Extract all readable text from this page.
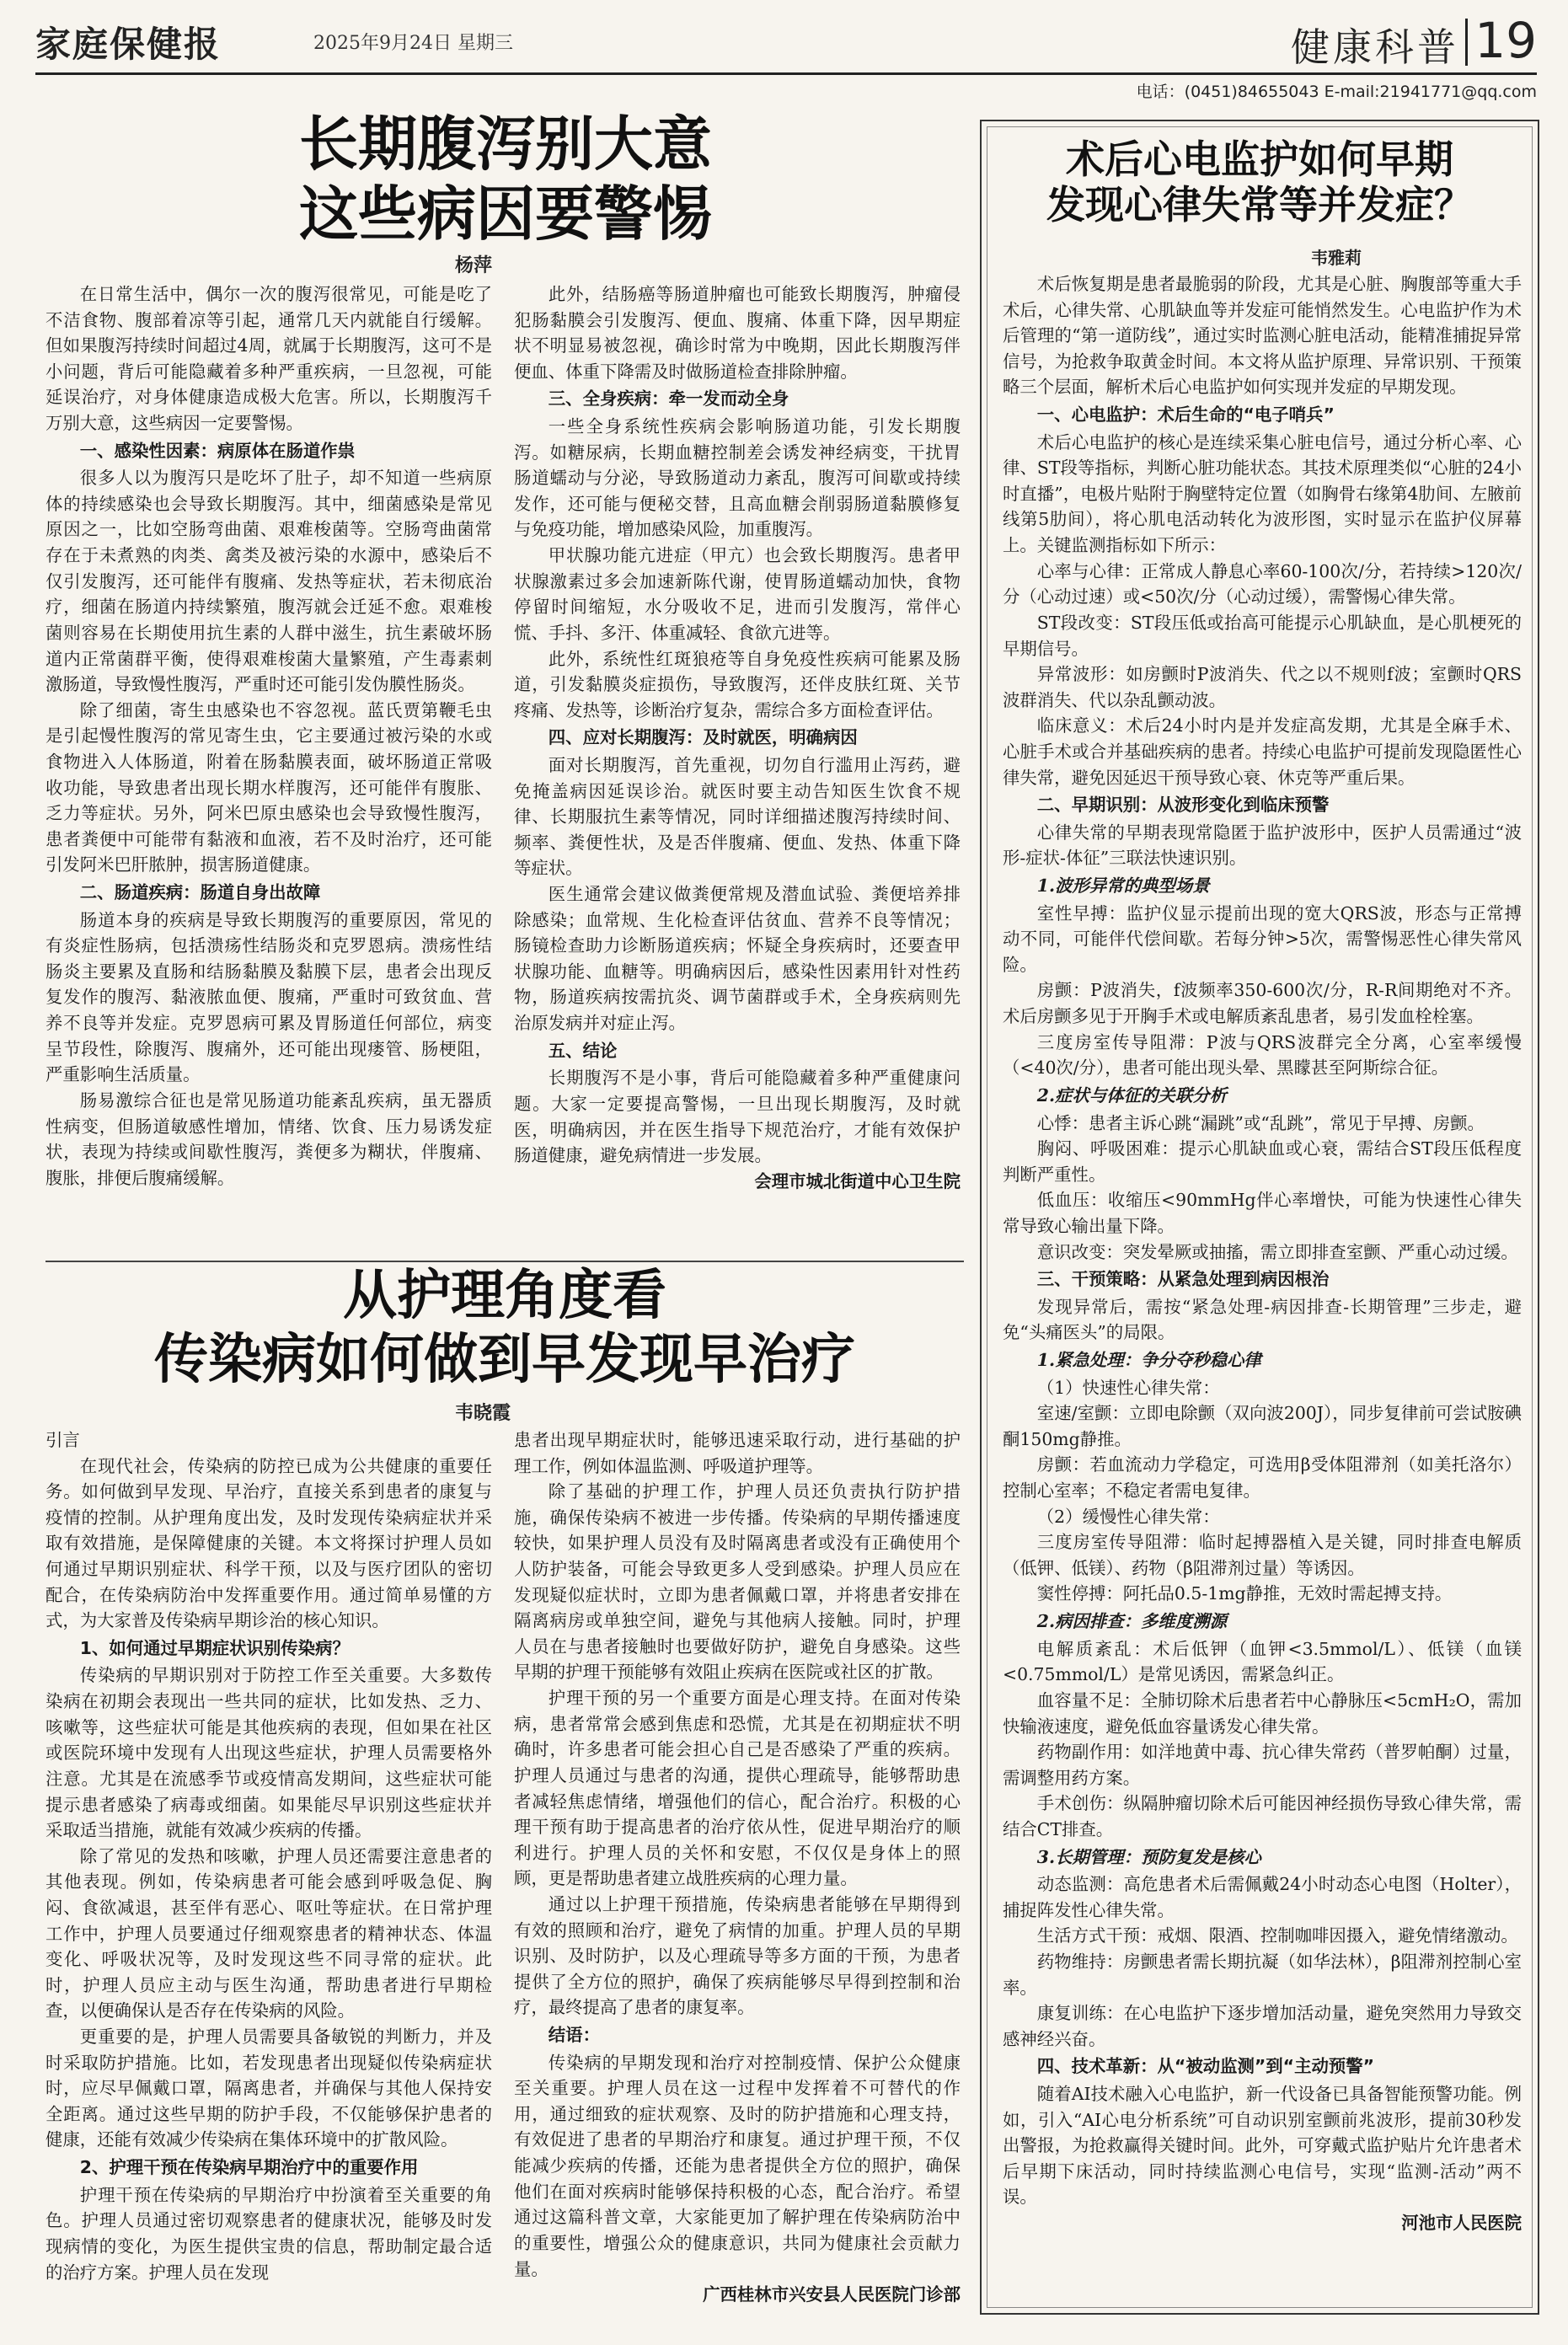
家庭保健报	2025年9月24日 星期三	健康科普 19
电话：(0451)84655043 E-mail:21941771@qq.com
长期腹泻别大意
这些病因要警惕
杨萍

在日常生活中，偶尔一次的腹泻很常见，可能是吃了不洁食物、腹部着凉等引起，通常几天内就能自行缓解。但如果腹泻持续时间超过4周，就属于长期腹泻，这可不是小问题，背后可能隐藏着多种严重疾病，一旦忽视，可能延误治疗，对身体健康造成极大危害。所以，长期腹泻千万别大意，这些病因一定要警惕。

一、感染性因素：病原体在肠道作祟

很多人以为腹泻只是吃坏了肚子，却不知道一些病原体的持续感染也会导致长期腹泻。其中，细菌感染是常见原因之一，比如空肠弯曲菌、艰难梭菌等。空肠弯曲菌常存在于未煮熟的肉类、禽类及被污染的水源中，感染后不仅引发腹泻，还可能伴有腹痛、发热等症状，若未彻底治疗，细菌在肠道内持续繁殖，腹泻就会迁延不愈。艰难梭菌则容易在长期使用抗生素的人群中滋生，抗生素破坏肠道内正常菌群平衡，使得艰难梭菌大量繁殖，产生毒素刺激肠道，导致慢性腹泻，严重时还可能引发伪膜性肠炎。

除了细菌，寄生虫感染也不容忽视。蓝氏贾第鞭毛虫是引起慢性腹泻的常见寄生虫，它主要通过被污染的水或食物进入人体肠道，附着在肠黏膜表面，破坏肠道正常吸收功能，导致患者出现长期水样腹泻，还可能伴有腹胀、乏力等症状。另外，阿米巴原虫感染也会导致慢性腹泻，患者粪便中可能带有黏液和血液，若不及时治疗，还可能引发阿米巴肝脓肿，损害肠道健康。

二、肠道疾病：肠道自身出故障

肠道本身的疾病是导致长期腹泻的重要原因，常见的有炎症性肠病，包括溃疡性结肠炎和克罗恩病。溃疡性结肠炎主要累及直肠和结肠黏膜及黏膜下层，患者会出现反复发作的腹泻、黏液脓血便、腹痛，严重时可致贫血、营养不良等并发症。克罗恩病可累及胃肠道任何部位，病变呈节段性，除腹泻、腹痛外，还可能出现瘘管、肠梗阻，严重影响生活质量。

肠易激综合征也是常见肠道功能紊乱疾病，虽无器质性病变，但肠道敏感性增加，情绪、饮食、压力易诱发症状，表现为持续或间歇性腹泻，粪便多为糊状，伴腹痛、腹胀，排便后腹痛缓解。

此外，结肠癌等肠道肿瘤也可能致长期腹泻，肿瘤侵犯肠黏膜会引发腹泻、便血、腹痛、体重下降，因早期症状不明显易被忽视，确诊时常为中晚期，因此长期腹泻伴便血、体重下降需及时做肠道检查排除肿瘤。

三、全身疾病：牵一发而动全身

一些全身系统性疾病会影响肠道功能，引发长期腹泻。如糖尿病，长期血糖控制差会诱发神经病变，干扰胃肠道蠕动与分泌，导致肠道动力紊乱，腹泻可间歇或持续发作，还可能与便秘交替，且高血糖会削弱肠道黏膜修复与免疫功能，增加感染风险，加重腹泻。

甲状腺功能亢进症（甲亢）也会致长期腹泻。患者甲状腺激素过多会加速新陈代谢，使胃肠道蠕动加快，食物停留时间缩短，水分吸收不足，进而引发腹泻，常伴心慌、手抖、多汗、体重减轻、食欲亢进等。

此外，系统性红斑狼疮等自身免疫性疾病可能累及肠道，引发黏膜炎症损伤，导致腹泻，还伴皮肤红斑、关节疼痛、发热等，诊断治疗复杂，需综合多方面检查评估。

四、应对长期腹泻：及时就医，明确病因

面对长期腹泻，首先重视，切勿自行滥用止泻药，避免掩盖病因延误诊治。就医时要主动告知医生饮食不规律、长期服抗生素等情况，同时详细描述腹泻持续时间、频率、粪便性状，及是否伴腹痛、便血、发热、体重下降等症状。

医生通常会建议做粪便常规及潜血试验、粪便培养排除感染；血常规、生化检查评估贫血、营养不良等情况；肠镜检查助力诊断肠道疾病；怀疑全身疾病时，还要查甲状腺功能、血糖等。明确病因后，感染性因素用针对性药物，肠道疾病按需抗炎、调节菌群或手术，全身疾病则先治原发病并对症止泻。

五、结论

长期腹泻不是小事，背后可能隐藏着多种严重健康问题。大家一定要提高警惕，一旦出现长期腹泻，及时就医，明确病因，并在医生指导下规范治疗，才能有效保护肠道健康，避免病情进一步发展。

会理市城北街道中心卫生院

从护理角度看
传染病如何做到早发现早治疗
韦晓霞

引言

在现代社会，传染病的防控已成为公共健康的重要任务。如何做到早发现、早治疗，直接关系到患者的康复与疫情的控制。从护理角度出发，及时发现传染病症状并采取有效措施，是保障健康的关键。本文将探讨护理人员如何通过早期识别症状、科学干预，以及与医疗团队的密切配合，在传染病防治中发挥重要作用。通过简单易懂的方式，为大家普及传染病早期诊治的核心知识。

1、如何通过早期症状识别传染病？

传染病的早期识别对于防控工作至关重要。大多数传染病在初期会表现出一些共同的症状，比如发热、乏力、咳嗽等，这些症状可能是其他疾病的表现，但如果在社区或医院环境中发现有人出现这些症状，护理人员需要格外注意。尤其是在流感季节或疫情高发期间，这些症状可能提示患者感染了病毒或细菌。如果能尽早识别这些症状并采取适当措施，就能有效减少疾病的传播。

除了常见的发热和咳嗽，护理人员还需要注意患者的其他表现。例如，传染病患者可能会感到呼吸急促、胸闷、食欲减退，甚至伴有恶心、呕吐等症状。在日常护理工作中，护理人员要通过仔细观察患者的精神状态、体温变化、呼吸状况等，及时发现这些不同寻常的症状。此时，护理人员应主动与医生沟通，帮助患者进行早期检查，以便确保认是否存在传染病的风险。

更重要的是，护理人员需要具备敏锐的判断力，并及时采取防护措施。比如，若发现患者出现疑似传染病症状时，应尽早佩戴口罩，隔离患者，并确保与其他人保持安全距离。通过这些早期的防护手段，不仅能够保护患者的健康，还能有效减少传染病在集体环境中的扩散风险。

2、护理干预在传染病早期治疗中的重要作用

护理干预在传染病的早期治疗中扮演着至关重要的角色。护理人员通过密切观察患者的健康状况，能够及时发现病情的变化，为医生提供宝贵的信息，帮助制定最合适的治疗方案。护理人员在发现

患者出现早期症状时，能够迅速采取行动，进行基础的护理工作，例如体温监测、呼吸道护理等。

除了基础的护理工作，护理人员还负责执行防护措施，确保传染病不被进一步传播。传染病的早期传播速度较快，如果护理人员没有及时隔离患者或没有正确使用个人防护装备，可能会导致更多人受到感染。护理人员应在发现疑似症状时，立即为患者佩戴口罩，并将患者安排在隔离病房或单独空间，避免与其他病人接触。同时，护理人员在与患者接触时也要做好防护，避免自身感染。这些早期的护理干预能够有效阻止疾病在医院或社区的扩散。

护理干预的另一个重要方面是心理支持。在面对传染病，患者常常会感到焦虑和恐慌，尤其是在初期症状不明确时，许多患者可能会担心自己是否感染了严重的疾病。护理人员通过与患者的沟通，提供心理疏导，能够帮助患者减轻焦虑情绪，增强他们的信心，配合治疗。积极的心理干预有助于提高患者的治疗依从性，促进早期治疗的顺利进行。护理人员的关怀和安慰，不仅仅是身体上的照顾，更是帮助患者建立战胜疾病的心理力量。

通过以上护理干预措施，传染病患者能够在早期得到有效的照顾和治疗，避免了病情的加重。护理人员的早期识别、及时防护，以及心理疏导等多方面的干预，为患者提供了全方位的照护，确保了疾病能够尽早得到控制和治疗，最终提高了患者的康复率。

结语：

传染病的早期发现和治疗对控制疫情、保护公众健康至关重要。护理人员在这一过程中发挥着不可替代的作用，通过细致的症状观察、及时的防护措施和心理支持，有效促进了患者的早期治疗和康复。通过护理干预，不仅能减少疾病的传播，还能为患者提供全方位的照护，确保他们在面对疾病时能够保持积极的心态，配合治疗。希望通过这篇科普文章，大家能更加了解护理在传染病防治中的重要性，增强公众的健康意识，共同为健康社会贡献力量。

广西桂林市兴安县人民医院门诊部

术后心电监护如何早期
发现心律失常等并发症？
韦雅莉

术后恢复期是患者最脆弱的阶段，尤其是心脏、胸腹部等重大手术后，心律失常、心肌缺血等并发症可能悄然发生。心电监护作为术后管理的“第一道防线”，通过实时监测心脏电活动，能精准捕捉异常信号，为抢救争取黄金时间。本文将从监护原理、异常识别、干预策略三个层面，解析术后心电监护如何实现并发症的早期发现。

一、心电监护：术后生命的“电子哨兵”

术后心电监护的核心是连续采集心脏电信号，通过分析心率、心律、ST段等指标，判断心脏功能状态。其技术原理类似“心脏的24小时直播”，电极片贴附于胸壁特定位置（如胸骨右缘第4肋间、左腋前线第5肋间），将心肌电活动转化为波形图，实时显示在监护仪屏幕上。关键监测指标如下所示：

心率与心律：正常成人静息心率60-100次/分，若持续>120次/分（心动过速）或<50次/分（心动过缓），需警惕心律失常。

ST段改变：ST段压低或抬高可能提示心肌缺血，是心肌梗死的早期信号。

异常波形：如房颤时P波消失、代之以不规则f波；室颤时QRS波群消失、代以杂乱颤动波。

临床意义：术后24小时内是并发症高发期，尤其是全麻手术、心脏手术或合并基础疾病的患者。持续心电监护可提前发现隐匿性心律失常，避免因延迟干预导致心衰、休克等严重后果。

二、早期识别：从波形变化到临床预警

心律失常的早期表现常隐匿于监护波形中，医护人员需通过“波形-症状-体征”三联法快速识别。

1.波形异常的典型场景

室性早搏：监护仪显示提前出现的宽大QRS波，形态与正常搏动不同，可能伴代偿间歇。若每分钟>5次，需警惕恶性心律失常风险。

房颤：P波消失，f波频率350-600次/分，R-R间期绝对不齐。术后房颤多见于开胸手术或电解质紊乱患者，易引发血栓栓塞。

三度房室传导阻滞：P波与QRS波群完全分离，心室率缓慢（<40次/分），患者可能出现头晕、黑矇甚至阿斯综合征。

2.症状与体征的关联分析

心悸：患者主诉心跳“漏跳”或“乱跳”，常见于早搏、房颤。

胸闷、呼吸困难：提示心肌缺血或心衰，需结合ST段压低程度判断严重性。

低血压：收缩压<90mmHg伴心率增快，可能为快速性心律失常导致心输出量下降。

意识改变：突发晕厥或抽搐，需立即排查室颤、严重心动过缓。

三、干预策略：从紧急处理到病因根治

发现异常后，需按“紧急处理-病因排查-长期管理”三步走，避免“头痛医头”的局限。

1.紧急处理：争分夺秒稳心律

（1）快速性心律失常：

室速/室颤：立即电除颤（双向波200J），同步复律前可尝试胺碘酮150mg静推。

房颤：若血流动力学稳定，可选用β受体阻滞剂（如美托洛尔）控制心室率；不稳定者需电复律。

（2）缓慢性心律失常：

三度房室传导阻滞：临时起搏器植入是关键，同时排查电解质（低钾、低镁）、药物（β阻滞剂过量）等诱因。

窦性停搏：阿托品0.5-1mg静推，无效时需起搏支持。

2.病因排查：多维度溯源

电解质紊乱：术后低钾（血钾<3.5mmol/L）、低镁（血镁<0.75mmol/L）是常见诱因，需紧急纠正。

血容量不足：全肺切除术后患者若中心静脉压<5cmH₂O，需加快输液速度，避免低血容量诱发心律失常。

药物副作用：如洋地黄中毒、抗心律失常药（普罗帕酮）过量，需调整用药方案。

手术创伤：纵隔肿瘤切除术后可能因神经损伤导致心律失常，需结合CT排查。

3.长期管理：预防复发是核心

动态监测：高危患者术后需佩戴24小时动态心电图（Holter），捕捉阵发性心律失常。

生活方式干预：戒烟、限酒、控制咖啡因摄入，避免情绪激动。

药物维持：房颤患者需长期抗凝（如华法林），β阻滞剂控制心室率。

康复训练：在心电监护下逐步增加活动量，避免突然用力导致交感神经兴奋。

四、技术革新：从“被动监测”到“主动预警”

随着AI技术融入心电监护，新一代设备已具备智能预警功能。例如，引入“AI心电分析系统”可自动识别室颤前兆波形，提前30秒发出警报，为抢救赢得关键时间。此外，可穿戴式监护贴片允许患者术后早期下床活动，同时持续监测心电信号，实现“监测-活动”两不误。

河池市人民医院
